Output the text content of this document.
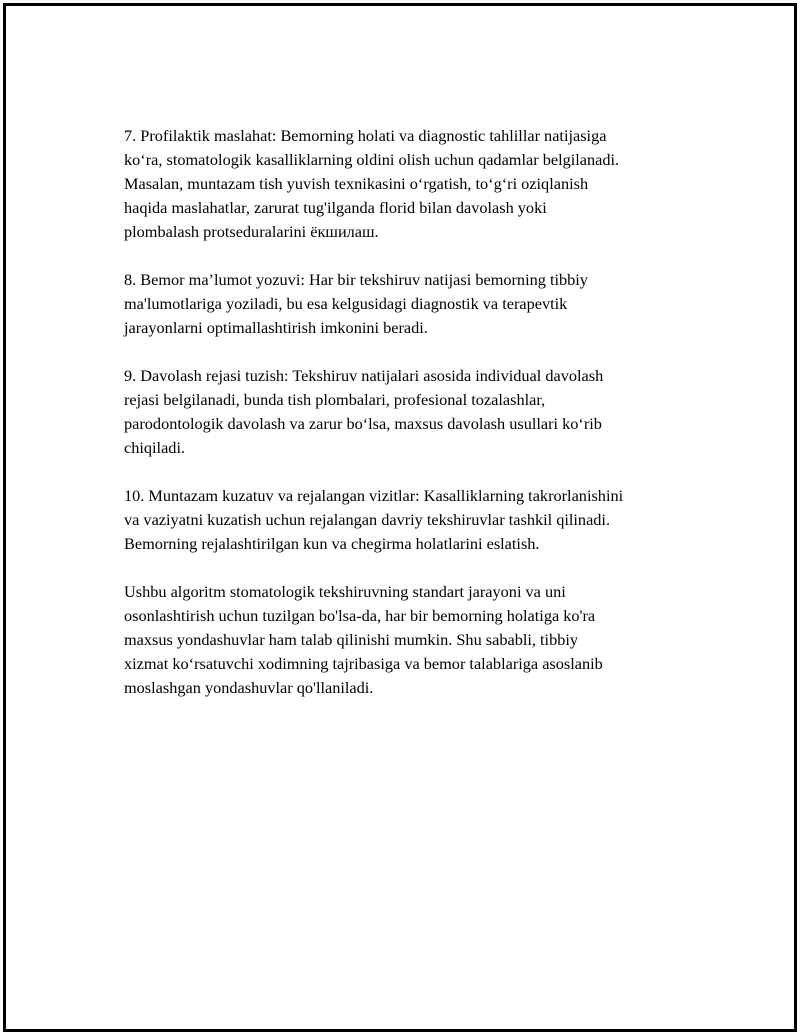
7. Profilaktik maslahat: Bemorning holati va diagnostic tahlillar natijasiga
ko‘ra, stomatologik kasalliklarning oldini olish uchun qadamlar belgilanadi.
Masalan, muntazam tish yuvish texnikasini o‘rgatish, to‘g‘ri oziqlanish
haqida maslahatlar, zarurat tug'ilganda florid bilan davolash yoki
plombalash protseduralarini ёкшилаш.

8. Bemor ma’lumot yozuvi: Har bir tekshiruv natijasi bemorning tibbiy
ma'lumotlariga yoziladi, bu esa kelgusidagi diagnostik va terapevtik
jarayonlarni optimallashtirish imkonini beradi.

9. Davolash rejasi tuzish: Tekshiruv natijalari asosida individual davolash
rejasi belgilanadi, bunda tish plombalari, profesional tozalashlar,
parodontologik davolash va zarur bo‘lsa, maxsus davolash usullari ko‘rib
chiqiladi.

10. Muntazam kuzatuv va rejalangan vizitlar: Kasalliklarning takrorlanishini
va vaziyatni kuzatish uchun rejalangan davriy tekshiruvlar tashkil qilinadi.
Bemorning rejalashtirilgan kun va chegirma holatlarini eslatish.

Ushbu algoritm stomatologik tekshiruvning standart jarayoni va uni
osonlashtirish uchun tuzilgan bo'lsa-da, har bir bemorning holatiga ko'ra
maxsus yondashuvlar ham talab qilinishi mumkin. Shu sababli, tibbiy
xizmat ko‘rsatuvchi xodimning tajribasiga va bemor talablariga asoslanib
moslashgan yondashuvlar qo'llaniladi.
